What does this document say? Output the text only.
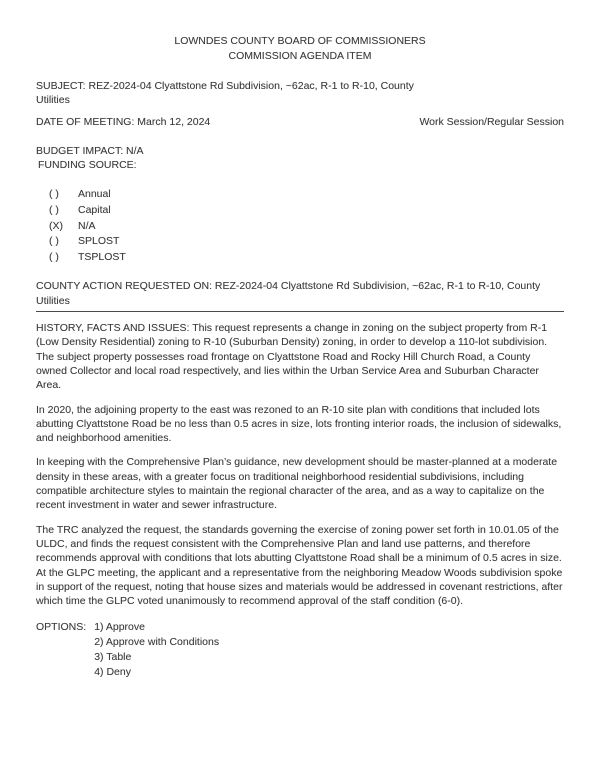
LOWNDES COUNTY BOARD OF COMMISSIONERS
COMMISSION AGENDA ITEM
SUBJECT: REZ-2024-04 Clyattstone Rd Subdivision, ~62ac, R-1 to R-10, County Utilities
DATE OF MEETING: March 12, 2024	Work Session/Regular Session
BUDGET IMPACT: N/A
FUNDING SOURCE:
( )	Annual
( )	Capital
(X) N/A
( )	SPLOST
( )	TSPLOST
COUNTY ACTION REQUESTED ON: REZ-2024-04 Clyattstone Rd Subdivision, ~62ac, R-1 to R-10, County Utilities

HISTORY, FACTS AND ISSUES: This request represents a change in zoning on the subject property from R-1 (Low Density Residential) zoning to R-10 (Suburban Density) zoning, in order to develop a 110-lot subdivision. The subject property possesses road frontage on Clyattstone Road and Rocky Hill Church Road, a County owned Collector and local road respectively, and lies within the Urban Service Area and Suburban Character Area.

In 2020, the adjoining property to the east was rezoned to an R-10 site plan with conditions that included lots abutting Clyattstone Road be no less than 0.5 acres in size, lots fronting interior roads, the inclusion of sidewalks, and neighborhood amenities.

In keeping with the Comprehensive Plan’s guidance, new development should be master-planned at a moderate density in these areas, with a greater focus on traditional neighborhood residential subdivisions, including compatible architecture styles to maintain the regional character of the area, and as a way to capitalize on the recent investment in water and sewer infrastructure.

The TRC analyzed the request, the standards governing the exercise of zoning power set forth in 10.01.05 of the ULDC, and finds the request consistent with the Comprehensive Plan and land use patterns, and therefore recommends approval with conditions that lots abutting Clyattstone Road shall be a minimum of 0.5 acres in size. At the GLPC meeting, the applicant and a representative from the neighboring Meadow Woods subdivision spoke in support of the request, noting that house sizes and materials would be addressed in covenant restrictions, after which time the GLPC voted unanimously to recommend approval of the staff condition (6-0).

OPTIONS: 1) Approve
2) Approve with Conditions
3) Table
4) Deny
